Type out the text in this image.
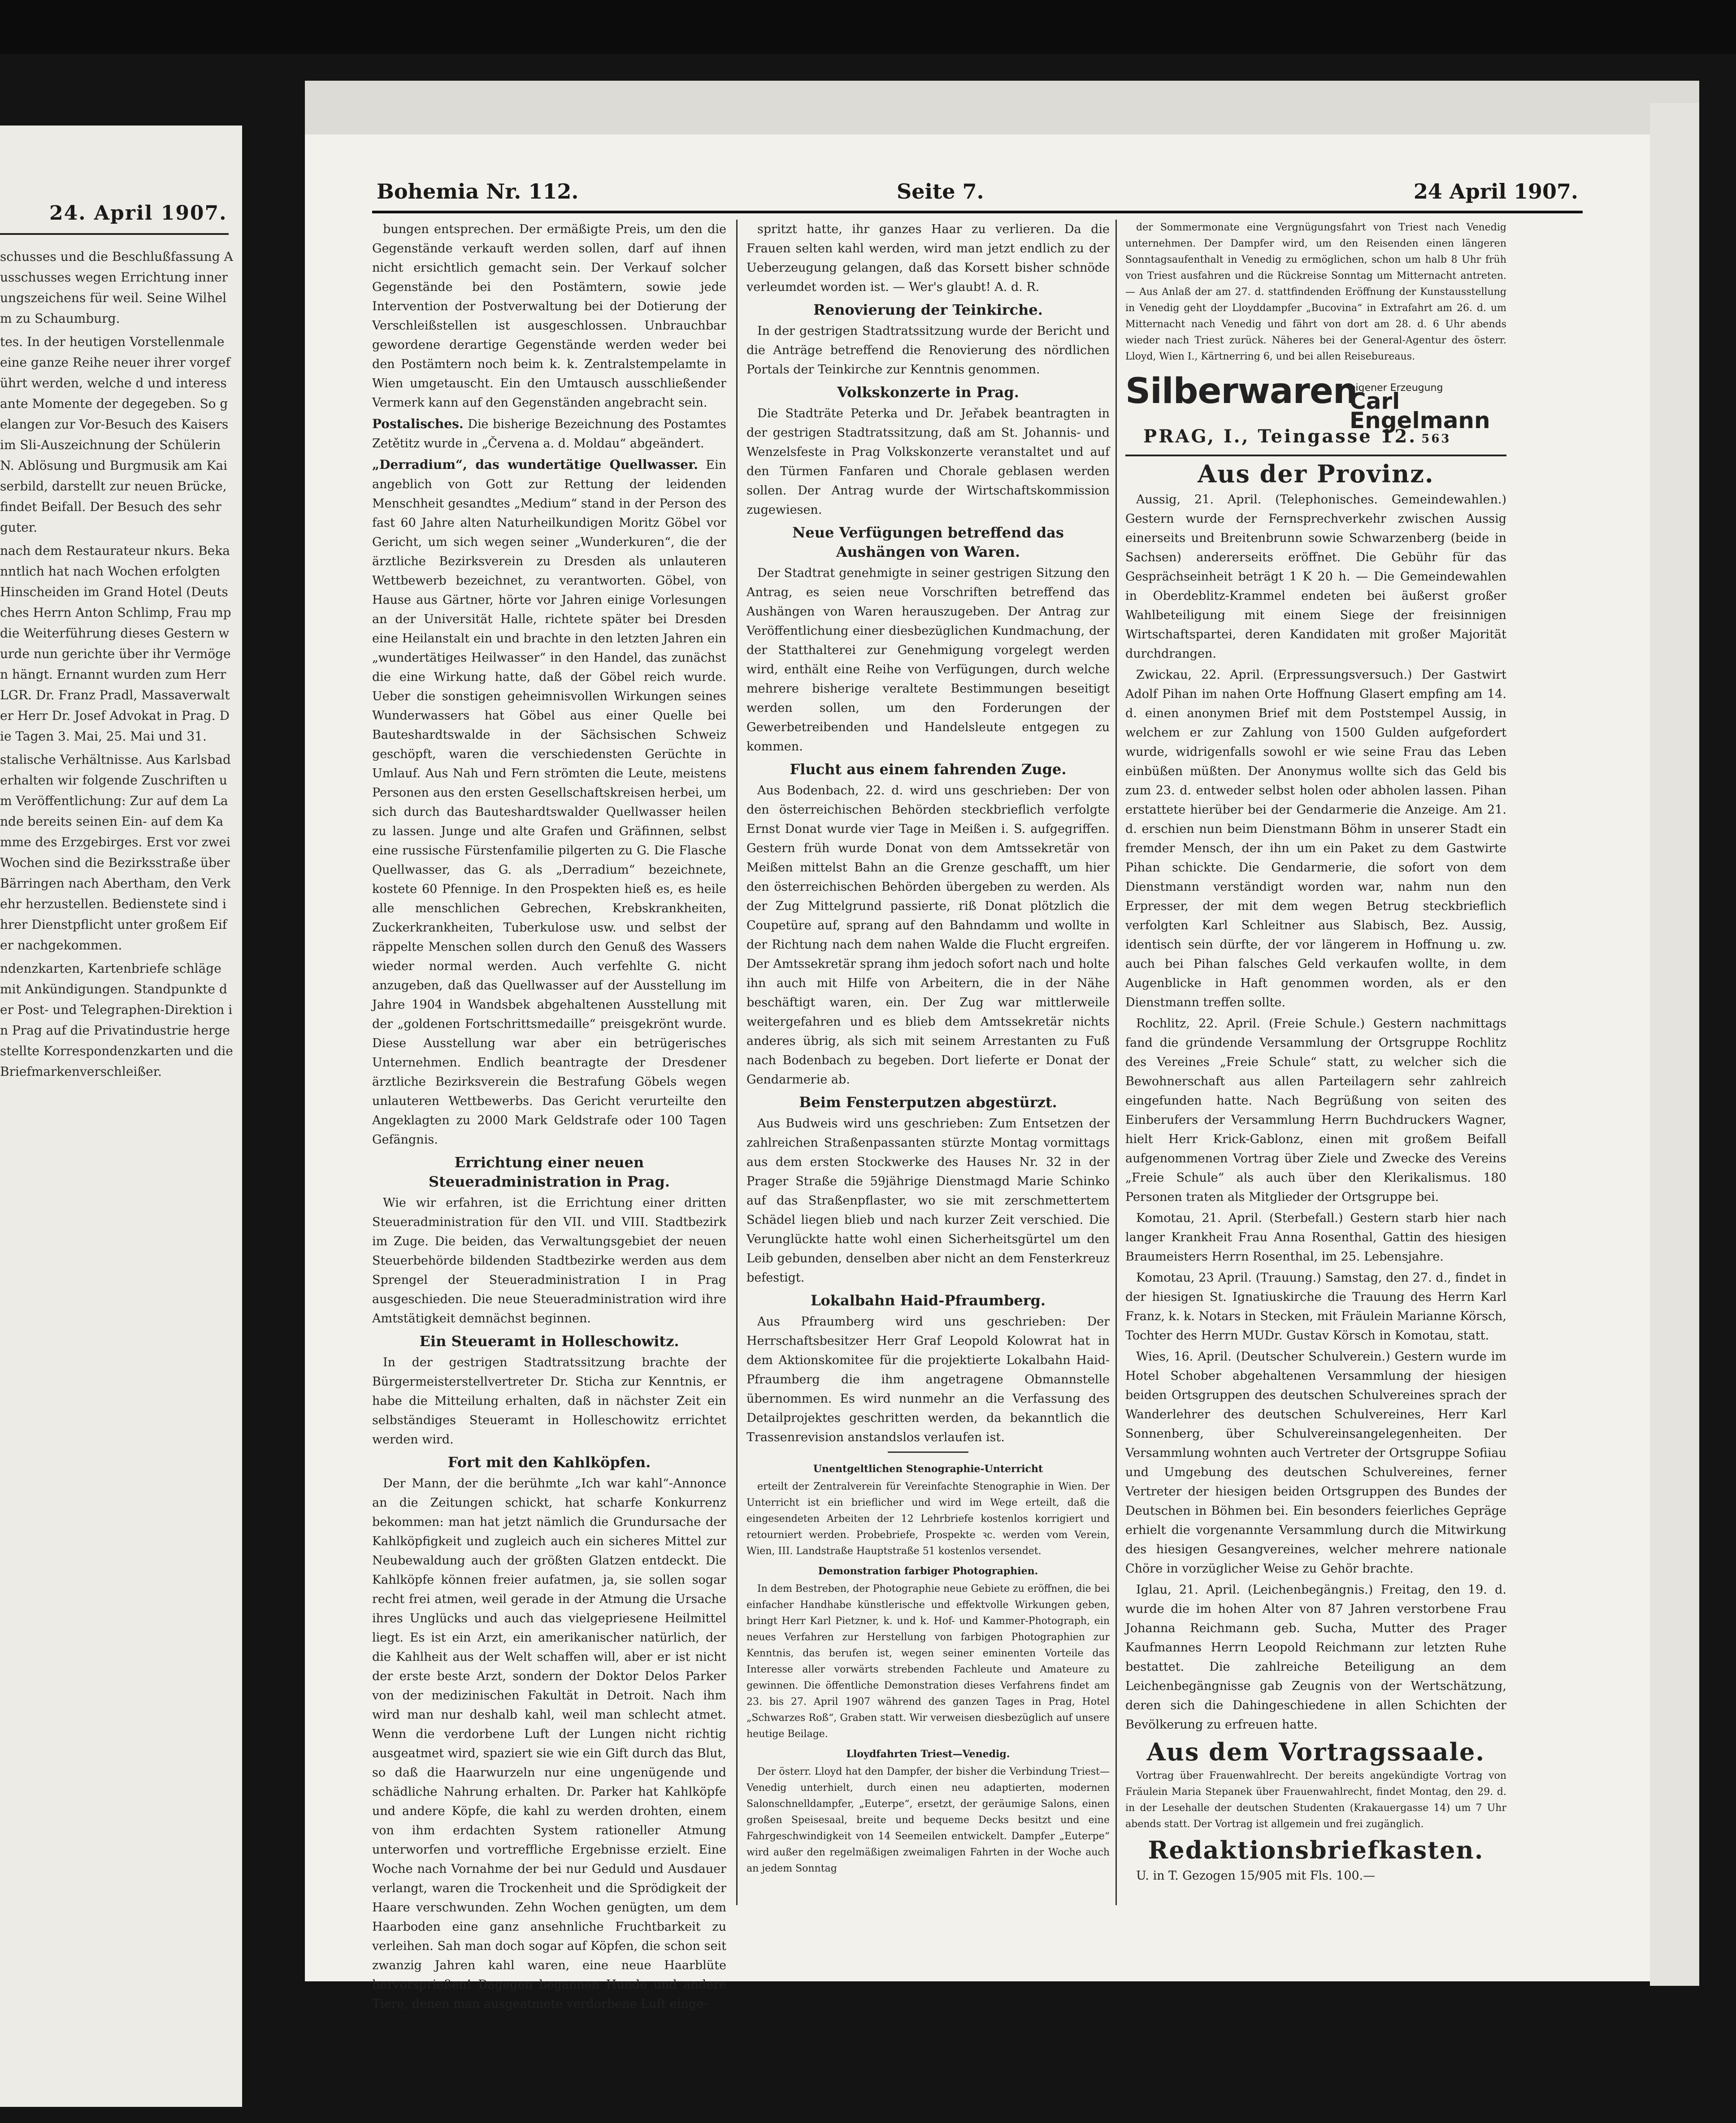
24. April 1907.

schusses und die Beschlußfassung Ausschusses wegen Errichtung innerungszeichens für weil. Seine Wilhelm zu Schaumburg.

tes. In der heutigen Vorstellenmale eine ganze Reihe neuer ihrer vorgeführt werden, welche d und interessante Momente der degegeben. So gelangen zur Vor-Besuch des Kaisers im Sli-Auszeichnung der Schülerin N. Ablösung und Burgmusik am Kaiserbild, darstellt zur neuen Brücke, findet Beifall. Der Besuch des sehr guter.

nach dem Restaurateur nkurs. Bekanntlich hat nach Wochen erfolgten Hinscheiden im Grand Hotel (Deutsches Herrn Anton Schlimp, Frau mp die Weiterführung dieses Gestern wurde nun gerichte über ihr Vermögen hängt. Ernannt wurden zum Herr LGR. Dr. Franz Pradl, Massaverwalter Herr Dr. Josef Advokat in Prag. Die Tagen 3. Mai, 25. Mai und 31.

stalische Verhältnisse. Aus Karlsbad erhalten wir folgende Zuschriften um Veröffentlichung: Zur auf dem Lande bereits seinen Ein- auf dem Kamme des Erzgebirges. Erst vor zwei Wochen sind die Bezirksstraße über Bärringen nach Abertham, den Verkehr herzustellen. Bedienstete sind ihrer Dienstpflicht unter großem Eifer nachgekommen.

ndenzkarten, Kartenbriefe schläge mit Ankündigungen. Standpunkte der Post- und Telegraphen-Direktion in Prag auf die Privatindustrie hergestellte Korrespondenzkarten und die Briefmarkenverschleißer.

Bohemia Nr. 112.	Seite 7.	24 April 1907.

bungen entsprechen. Der ermäßigte Preis, um den die Gegenstände verkauft werden sollen, darf auf ihnen nicht ersichtlich gemacht sein. Der Verkauf solcher Gegenstände bei den Postämtern, sowie jede Intervention der Postverwaltung bei der Dotierung der Verschleißstellen ist ausgeschlossen. Unbrauchbar gewordene derartige Gegenstände werden weder bei den Postämtern noch beim k. k. Zentralstempelamte in Wien umgetauscht. Ein den Umtausch ausschließender Vermerk kann auf den Gegenständen angebracht sein.

Postalisches. Die bisherige Bezeichnung des Postamtes Zetětitz wurde in „Červena a. d. Moldau“ abgeändert.

„Derradium“, das wundertätige Quellwasser. Ein angeblich von Gott zur Rettung der leidenden Menschheit gesandtes „Medium“ stand in der Person des fast 60 Jahre alten Naturheilkundigen Moritz Göbel vor Gericht, um sich wegen seiner „Wunderkuren“, die der ärztliche Bezirksverein zu Dresden als unlauteren Wettbewerb bezeichnet, zu verantworten. Göbel, von Hause aus Gärtner, hörte vor Jahren einige Vorlesungen an der Universität Halle, richtete später bei Dresden eine Heilanstalt ein und brachte in den letzten Jahren ein „wundertätiges Heilwasser“ in den Handel, das zunächst die eine Wirkung hatte, daß der Göbel reich wurde. Ueber die sonstigen geheimnisvollen Wirkungen seines Wunderwassers hat Göbel aus einer Quelle bei Bauteshardtswalde in der Sächsischen Schweiz geschöpft, waren die verschiedensten Gerüchte in Umlauf. Aus Nah und Fern strömten die Leute, meistens Personen aus den ersten Gesellschaftskreisen herbei, um sich durch das Bauteshardtswalder Quellwasser heilen zu lassen. Junge und alte Grafen und Gräfinnen, selbst eine russische Fürstenfamilie pilgerten zu G. Die Flasche Quellwasser, das G. als „Derradium“ bezeichnete, kostete 60 Pfennige. In den Prospekten hieß es, es heile alle menschlichen Gebrechen, Krebskrankheiten, Zuckerkrankheiten, Tuberkulose usw. und selbst der räppelte Menschen sollen durch den Genuß des Wassers wieder normal werden. Auch verfehlte G. nicht anzugeben, daß das Quellwasser auf der Ausstellung im Jahre 1904 in Wandsbek abgehaltenen Ausstellung mit der „goldenen Fortschrittsmedaille“ preisgekrönt wurde. Diese Ausstellung war aber ein betrügerisches Unternehmen. Endlich beantragte der Dresdener ärztliche Bezirksverein die Bestrafung Göbels wegen unlauteren Wettbewerbs. Das Gericht verurteilte den Angeklagten zu 2000 Mark Geldstrafe oder 100 Tagen Gefängnis.

Errichtung einer neuen Steueradministration in Prag.

Wie wir erfahren, ist die Errichtung einer dritten Steueradministration für den VII. und VIII. Stadtbezirk im Zuge. Die beiden, das Verwaltungsgebiet der neuen Steuerbehörde bildenden Stadtbezirke werden aus dem Sprengel der Steueradministration I in Prag ausgeschieden. Die neue Steueradministration wird ihre Amtstätigkeit demnächst beginnen.

Ein Steueramt in Holleschowitz.

In der gestrigen Stadtratssitzung brachte der Bürgermeisterstellvertreter Dr. Sticha zur Kenntnis, er habe die Mitteilung erhalten, daß in nächster Zeit ein selbständiges Steueramt in Holleschowitz errichtet werden wird.

Fort mit den Kahlköpfen.

Der Mann, der die berühmte „Ich war kahl“-Annonce an die Zeitungen schickt, hat scharfe Konkurrenz bekommen: man hat jetzt nämlich die Grundursache der Kahlköpfigkeit und zugleich auch ein sicheres Mittel zur Neubewaldung auch der größten Glatzen entdeckt. Die Kahlköpfe können freier aufatmen, ja, sie sollen sogar recht frei atmen, weil gerade in der Atmung die Ursache ihres Unglücks und auch das vielgepriesene Heilmittel liegt. Es ist ein Arzt, ein amerikanischer natürlich, der die Kahlheit aus der Welt schaffen will, aber er ist nicht der erste beste Arzt, sondern der Doktor Delos Parker von der medizinischen Fakultät in Detroit. Nach ihm wird man nur deshalb kahl, weil man schlecht atmet. Wenn die verdorbene Luft der Lungen nicht richtig ausgeatmet wird, spaziert sie wie ein Gift durch das Blut, so daß die Haarwurzeln nur eine ungenügende und schädliche Nahrung erhalten. Dr. Parker hat Kahlköpfe und andere Köpfe, die kahl zu werden drohten, einem von ihm erdachten System rationeller Atmung unterworfen und vortreffliche Ergebnisse erzielt. Eine Woche nach Vornahme der bei nur Geduld und Ausdauer verlangt, waren die Trockenheit und die Sprödigkeit der Haare verschwunden. Zehn Wochen genügten, um dem Haarboden eine ganz ansehnliche Fruchtbarkeit zu verleihen. Sah man doch sogar auf Köpfen, die schon seit zwanzig Jahren kahl waren, eine neue Haarblüte hervorsprießen! Dagegen begannen Hunde und andere Tiere, denen man ausgeatmete verdorbene Luft einge-

spritzt hatte, ihr ganzes Haar zu verlieren. Da die Frauen selten kahl werden, wird man jetzt endlich zu der Ueberzeugung gelangen, daß das Korsett bisher schnöde verleumdet worden ist. — Wer's glaubt! A. d. R.

Renovierung der Teinkirche.

In der gestrigen Stadtratssitzung wurde der Bericht und die Anträge betreffend die Renovierung des nördlichen Portals der Teinkirche zur Kenntnis genommen.

Volkskonzerte in Prag.

Die Stadträte Peterka und Dr. Jeřabek beantragten in der gestrigen Stadtratssitzung, daß am St. Johannis- und Wenzelsfeste in Prag Volkskonzerte veranstaltet und auf den Türmen Fanfaren und Chorale geblasen werden sollen. Der Antrag wurde der Wirtschaftskommission zugewiesen.

Neue Verfügungen betreffend das Aushängen von Waren.

Der Stadtrat genehmigte in seiner gestrigen Sitzung den Antrag, es seien neue Vorschriften betreffend das Aushängen von Waren herauszugeben. Der Antrag zur Veröffentlichung einer diesbezüglichen Kundmachung, der der Statthalterei zur Genehmigung vorgelegt werden wird, enthält eine Reihe von Verfügungen, durch welche mehrere bisherige veraltete Bestimmungen beseitigt werden sollen, um den Forderungen der Gewerbetreibenden und Handelsleute entgegen zu kommen.

Flucht aus einem fahrenden Zuge.

Aus Bodenbach, 22. d. wird uns geschrieben: Der von den österreichischen Behörden steckbrieflich verfolgte Ernst Donat wurde vier Tage in Meißen i. S. aufgegriffen. Gestern früh wurde Donat von dem Amtssekretär von Meißen mittelst Bahn an die Grenze geschafft, um hier den österreichischen Behörden übergeben zu werden. Als der Zug Mittelgrund passierte, riß Donat plötzlich die Coupetüre auf, sprang auf den Bahndamm und wollte in der Richtung nach dem nahen Walde die Flucht ergreifen. Der Amtssekretär sprang ihm jedoch sofort nach und holte ihn auch mit Hilfe von Arbeitern, die in der Nähe beschäftigt waren, ein. Der Zug war mittlerweile weitergefahren und es blieb dem Amtssekretär nichts anderes übrig, als sich mit seinem Arrestanten zu Fuß nach Bodenbach zu begeben. Dort lieferte er Donat der Gendarmerie ab.

Beim Fensterputzen abgestürzt.

Aus Budweis wird uns geschrieben: Zum Entsetzen der zahlreichen Straßenpassanten stürzte Montag vormittags aus dem ersten Stockwerke des Hauses Nr. 32 in der Prager Straße die 59jährige Dienstmagd Marie Schinko auf das Straßenpflaster, wo sie mit zerschmettertem Schädel liegen blieb und nach kurzer Zeit verschied. Die Verunglückte hatte wohl einen Sicherheitsgürtel um den Leib gebunden, denselben aber nicht an dem Fensterkreuz befestigt.

Lokalbahn Haid-Pfraumberg.

Aus Pfraumberg wird uns geschrieben: Der Herrschaftsbesitzer Herr Graf Leopold Kolowrat hat in dem Aktionskomitee für die projektierte Lokalbahn Haid-Pfraumberg die ihm angetragene Obmannstelle übernommen. Es wird nunmehr an die Verfassung des Detailprojektes geschritten werden, da bekanntlich die Trassenrevision anstandslos verlaufen ist.

Unentgeltlichen Stenographie-Unterricht

erteilt der Zentralverein für Vereinfachte Stenographie in Wien. Der Unterricht ist ein brieflicher und wird im Wege erteilt, daß die eingesendeten Arbeiten der 12 Lehrbriefe kostenlos korrigiert und retourniert werden. Probebriefe, Prospekte ꝛc. werden vom Verein, Wien, III. Landstraße Hauptstraße 51 kostenlos versendet.

Demonstration farbiger Photographien.

In dem Bestreben, der Photographie neue Gebiete zu eröffnen, die bei einfacher Handhabe künstlerische und effektvolle Wirkungen geben, bringt Herr Karl Pietzner, k. und k. Hof- und Kammer-Photograph, ein neues Verfahren zur Herstellung von farbigen Photographien zur Kenntnis, das berufen ist, wegen seiner eminenten Vorteile das Interesse aller vorwärts strebenden Fachleute und Amateure zu gewinnen. Die öffentliche Demonstration dieses Verfahrens findet am 23. bis 27. April 1907 während des ganzen Tages in Prag, Hotel „Schwarzes Roß“, Graben statt. Wir verweisen diesbezüglich auf unsere heutige Beilage.

Lloydfahrten Triest—Venedig.

Der österr. Lloyd hat den Dampfer, der bisher die Verbindung Triest—Venedig unterhielt, durch einen neu adaptierten, modernen Salonschnelldampfer, „Euterpe“, ersetzt, der geräumige Salons, einen großen Speisesaal, breite und bequeme Decks besitzt und eine Fahrgeschwindigkeit von 14 Seemeilen entwickelt. Dampfer „Euterpe“ wird außer den regelmäßigen zweimaligen Fahrten in der Woche auch an jedem Sonntag

der Sommermonate eine Vergnügungsfahrt von Triest nach Venedig unternehmen. Der Dampfer wird, um den Reisenden einen längeren Sonntagsaufenthalt in Venedig zu ermöglichen, schon um halb 8 Uhr früh von Triest ausfahren und die Rückreise Sonntag um Mitternacht antreten. — Aus Anlaß der am 27. d. stattfindenden Eröffnung der Kunstausstellung in Venedig geht der Lloyddampfer „Bucovina“ in Extrafahrt am 26. d. um Mitternacht nach Venedig und fährt von dort am 28. d. 6 Uhr abends wieder nach Triest zurück. Näheres bei der General-Agentur des österr. Lloyd, Wien I., Kärtnerring 6, und bei allen Reisebureaus.

Silberwaren
eigener Erzeugung
Carl Engelmann
PRAG, I., Teingasse 12. 563
Aus der Provinz.

Aussig, 21. April. (Telephonisches. Gemeindewahlen.) Gestern wurde der Fernsprechverkehr zwischen Aussig einerseits und Breitenbrunn sowie Schwarzenberg (beide in Sachsen) andererseits eröffnet. Die Gebühr für das Gesprächseinheit beträgt 1 K 20 h. — Die Gemeindewahlen in Oberdeblitz-Krammel endeten bei äußerst großer Wahlbeteiligung mit einem Siege der freisinnigen Wirtschaftspartei, deren Kandidaten mit großer Majorität durchdrangen.

Zwickau, 22. April. (Erpressungsversuch.) Der Gastwirt Adolf Pihan im nahen Orte Hoffnung Glasert empfing am 14. d. einen anonymen Brief mit dem Poststempel Aussig, in welchem er zur Zahlung von 1500 Gulden aufgefordert wurde, widrigenfalls sowohl er wie seine Frau das Leben einbüßen müßten. Der Anonymus wollte sich das Geld bis zum 23. d. entweder selbst holen oder abholen lassen. Pihan erstattete hierüber bei der Gendarmerie die Anzeige. Am 21. d. erschien nun beim Dienstmann Böhm in unserer Stadt ein fremder Mensch, der ihn um ein Paket zu dem Gastwirte Pihan schickte. Die Gendarmerie, die sofort von dem Dienstmann verständigt worden war, nahm nun den Erpresser, der mit dem wegen Betrug steckbrieflich verfolgten Karl Schleitner aus Slabisch, Bez. Aussig, identisch sein dürfte, der vor längerem in Hoffnung u. zw. auch bei Pihan falsches Geld verkaufen wollte, in dem Augenblicke in Haft genommen worden, als er den Dienstmann treffen sollte.

Rochlitz, 22. April. (Freie Schule.) Gestern nachmittags fand die gründende Versammlung der Ortsgruppe Rochlitz des Vereines „Freie Schule“ statt, zu welcher sich die Bewohnerschaft aus allen Parteilagern sehr zahlreich eingefunden hatte. Nach Begrüßung von seiten des Einberufers der Versammlung Herrn Buchdruckers Wagner, hielt Herr Krick-Gablonz, einen mit großem Beifall aufgenommenen Vortrag über Ziele und Zwecke des Vereins „Freie Schule“ als auch über den Klerikalismus. 180 Personen traten als Mitglieder der Ortsgruppe bei.

Komotau, 21. April. (Sterbefall.) Gestern starb hier nach langer Krankheit Frau Anna Rosenthal, Gattin des hiesigen Braumeisters Herrn Rosenthal, im 25. Lebensjahre.

Komotau, 23 April. (Trauung.) Samstag, den 27. d., findet in der hiesigen St. Ignatiuskirche die Trauung des Herrn Karl Franz, k. k. Notars in Stecken, mit Fräulein Marianne Körsch, Tochter des Herrn MUDr. Gustav Körsch in Komotau, statt.

Wies, 16. April. (Deutscher Schulverein.) Gestern wurde im Hotel Schober abgehaltenen Versammlung der hiesigen beiden Ortsgruppen des deutschen Schulvereines sprach der Wanderlehrer des deutschen Schulvereines, Herr Karl Sonnenberg, über Schulvereinsangelegenheiten. Der Versammlung wohnten auch Vertreter der Ortsgruppe Sofiiau und Umgebung des deutschen Schulvereines, ferner Vertreter der hiesigen beiden Ortsgruppen des Bundes der Deutschen in Böhmen bei. Ein besonders feierliches Gepräge erhielt die vorgenannte Versammlung durch die Mitwirkung des hiesigen Gesangvereines, welcher mehrere nationale Chöre in vorzüglicher Weise zu Gehör brachte.

Iglau, 21. April. (Leichenbegängnis.) Freitag, den 19. d. wurde die im hohen Alter von 87 Jahren verstorbene Frau Johanna Reichmann geb. Sucha, Mutter des Prager Kaufmannes Herrn Leopold Reichmann zur letzten Ruhe bestattet. Die zahlreiche Beteiligung an dem Leichenbegängnisse gab Zeugnis von der Wertschätzung, deren sich die Dahingeschiedene in allen Schichten der Bevölkerung zu erfreuen hatte.

Aus dem Vortragssaale.

Vortrag über Frauenwahlrecht. Der bereits angekündigte Vortrag von Fräulein Maria Stepanek über Frauenwahlrecht, findet Montag, den 29. d. in der Lesehalle der deutschen Studenten (Krakauergasse 14) um 7 Uhr abends statt. Der Vortrag ist allgemein und frei zugänglich.

Redaktionsbriefkasten.

U. in T. Gezogen 15/905 mit Fls. 100.—
